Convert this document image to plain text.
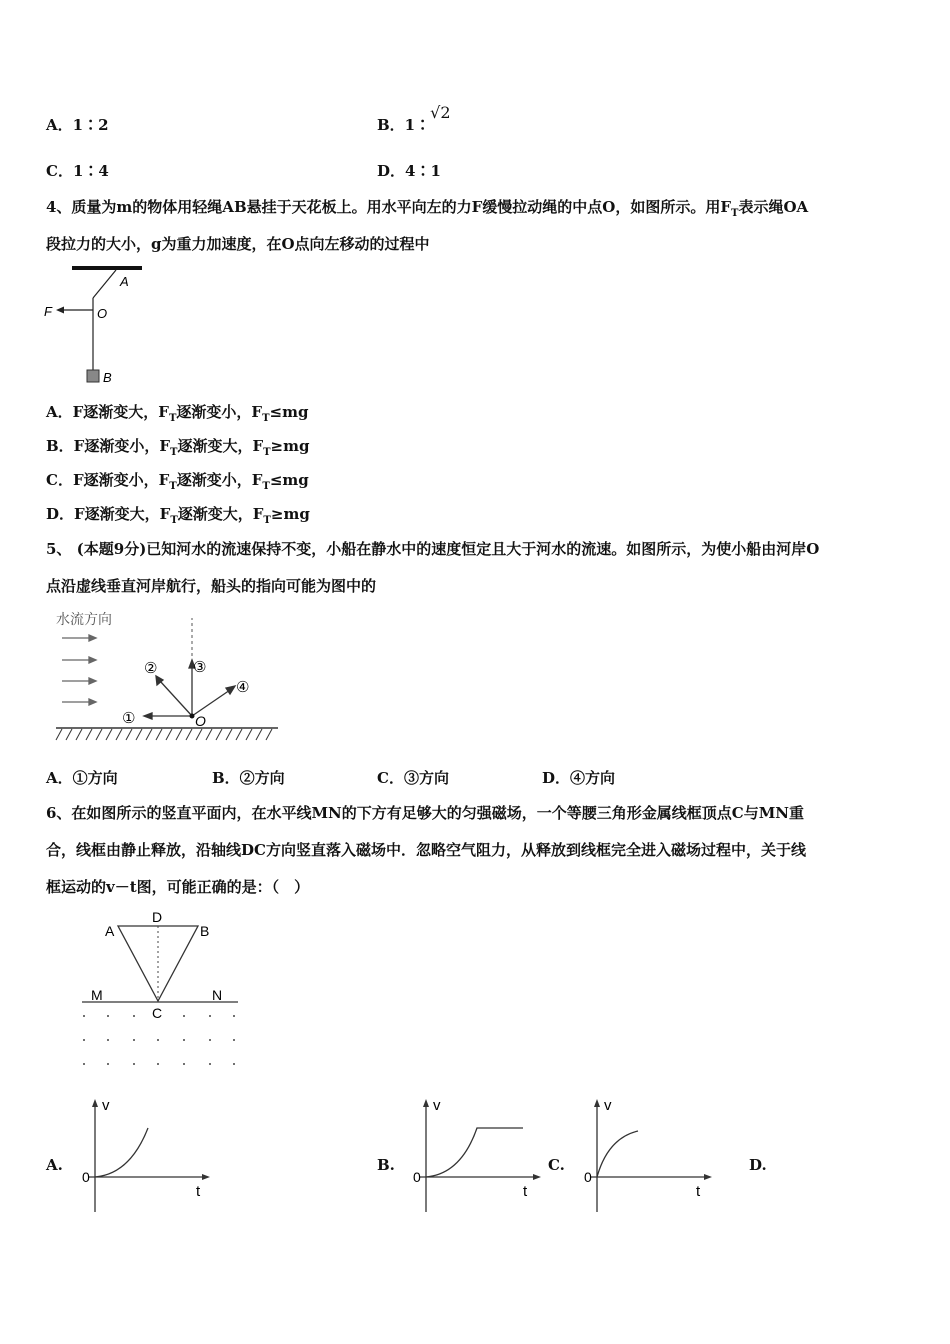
A．1∶2	B．1∶√2
C．1∶4	D．4∶1
4、质量为m的物体用轻绳AB悬挂于天花板上。用水平向左的力F缓慢拉动绳的中点O，如图所示。用$F_T$表示绳OA
段拉力的大小，g为重力加速度，在O点向左移动的过程中
A
O
F
B
A．F逐渐变大，$F_T$逐渐变小，$F_T\le mg$
B．F逐渐变小，$F_T$逐渐变大，$F_T\ge mg$
C．F逐渐变小，$F_T$逐渐变小，$F_T\le mg$
D．F逐渐变大，$F_T$逐渐变大，$F_T\ge mg$
5、 (本题9分)已知河水的流速保持不变，小船在静水中的速度恒定且大于河水的流速。如图所示，为使小船由河岸O
点沿虚线垂直河岸航行，船头的指向可能为图中的
水流方向
O
①
② ③
④
A．①方向	B．②方向	C．③方向	D．④方向
6、在如图所示的竖直平面内，在水平线MN的下方有足够大的匀强磁场，一个等腰三角形金属线框顶点C与MN重
合，线框由静止释放，沿轴线DC方向竖直落入磁场中．忽略空气阻力，从释放到线框完全进入磁场过程中，关于线
框运动的v－t图，可能正确的是：（　）
D
A	B
M	N
C
A.	B.	C.	D.
v
0
t
v
0
t
v
0
t
